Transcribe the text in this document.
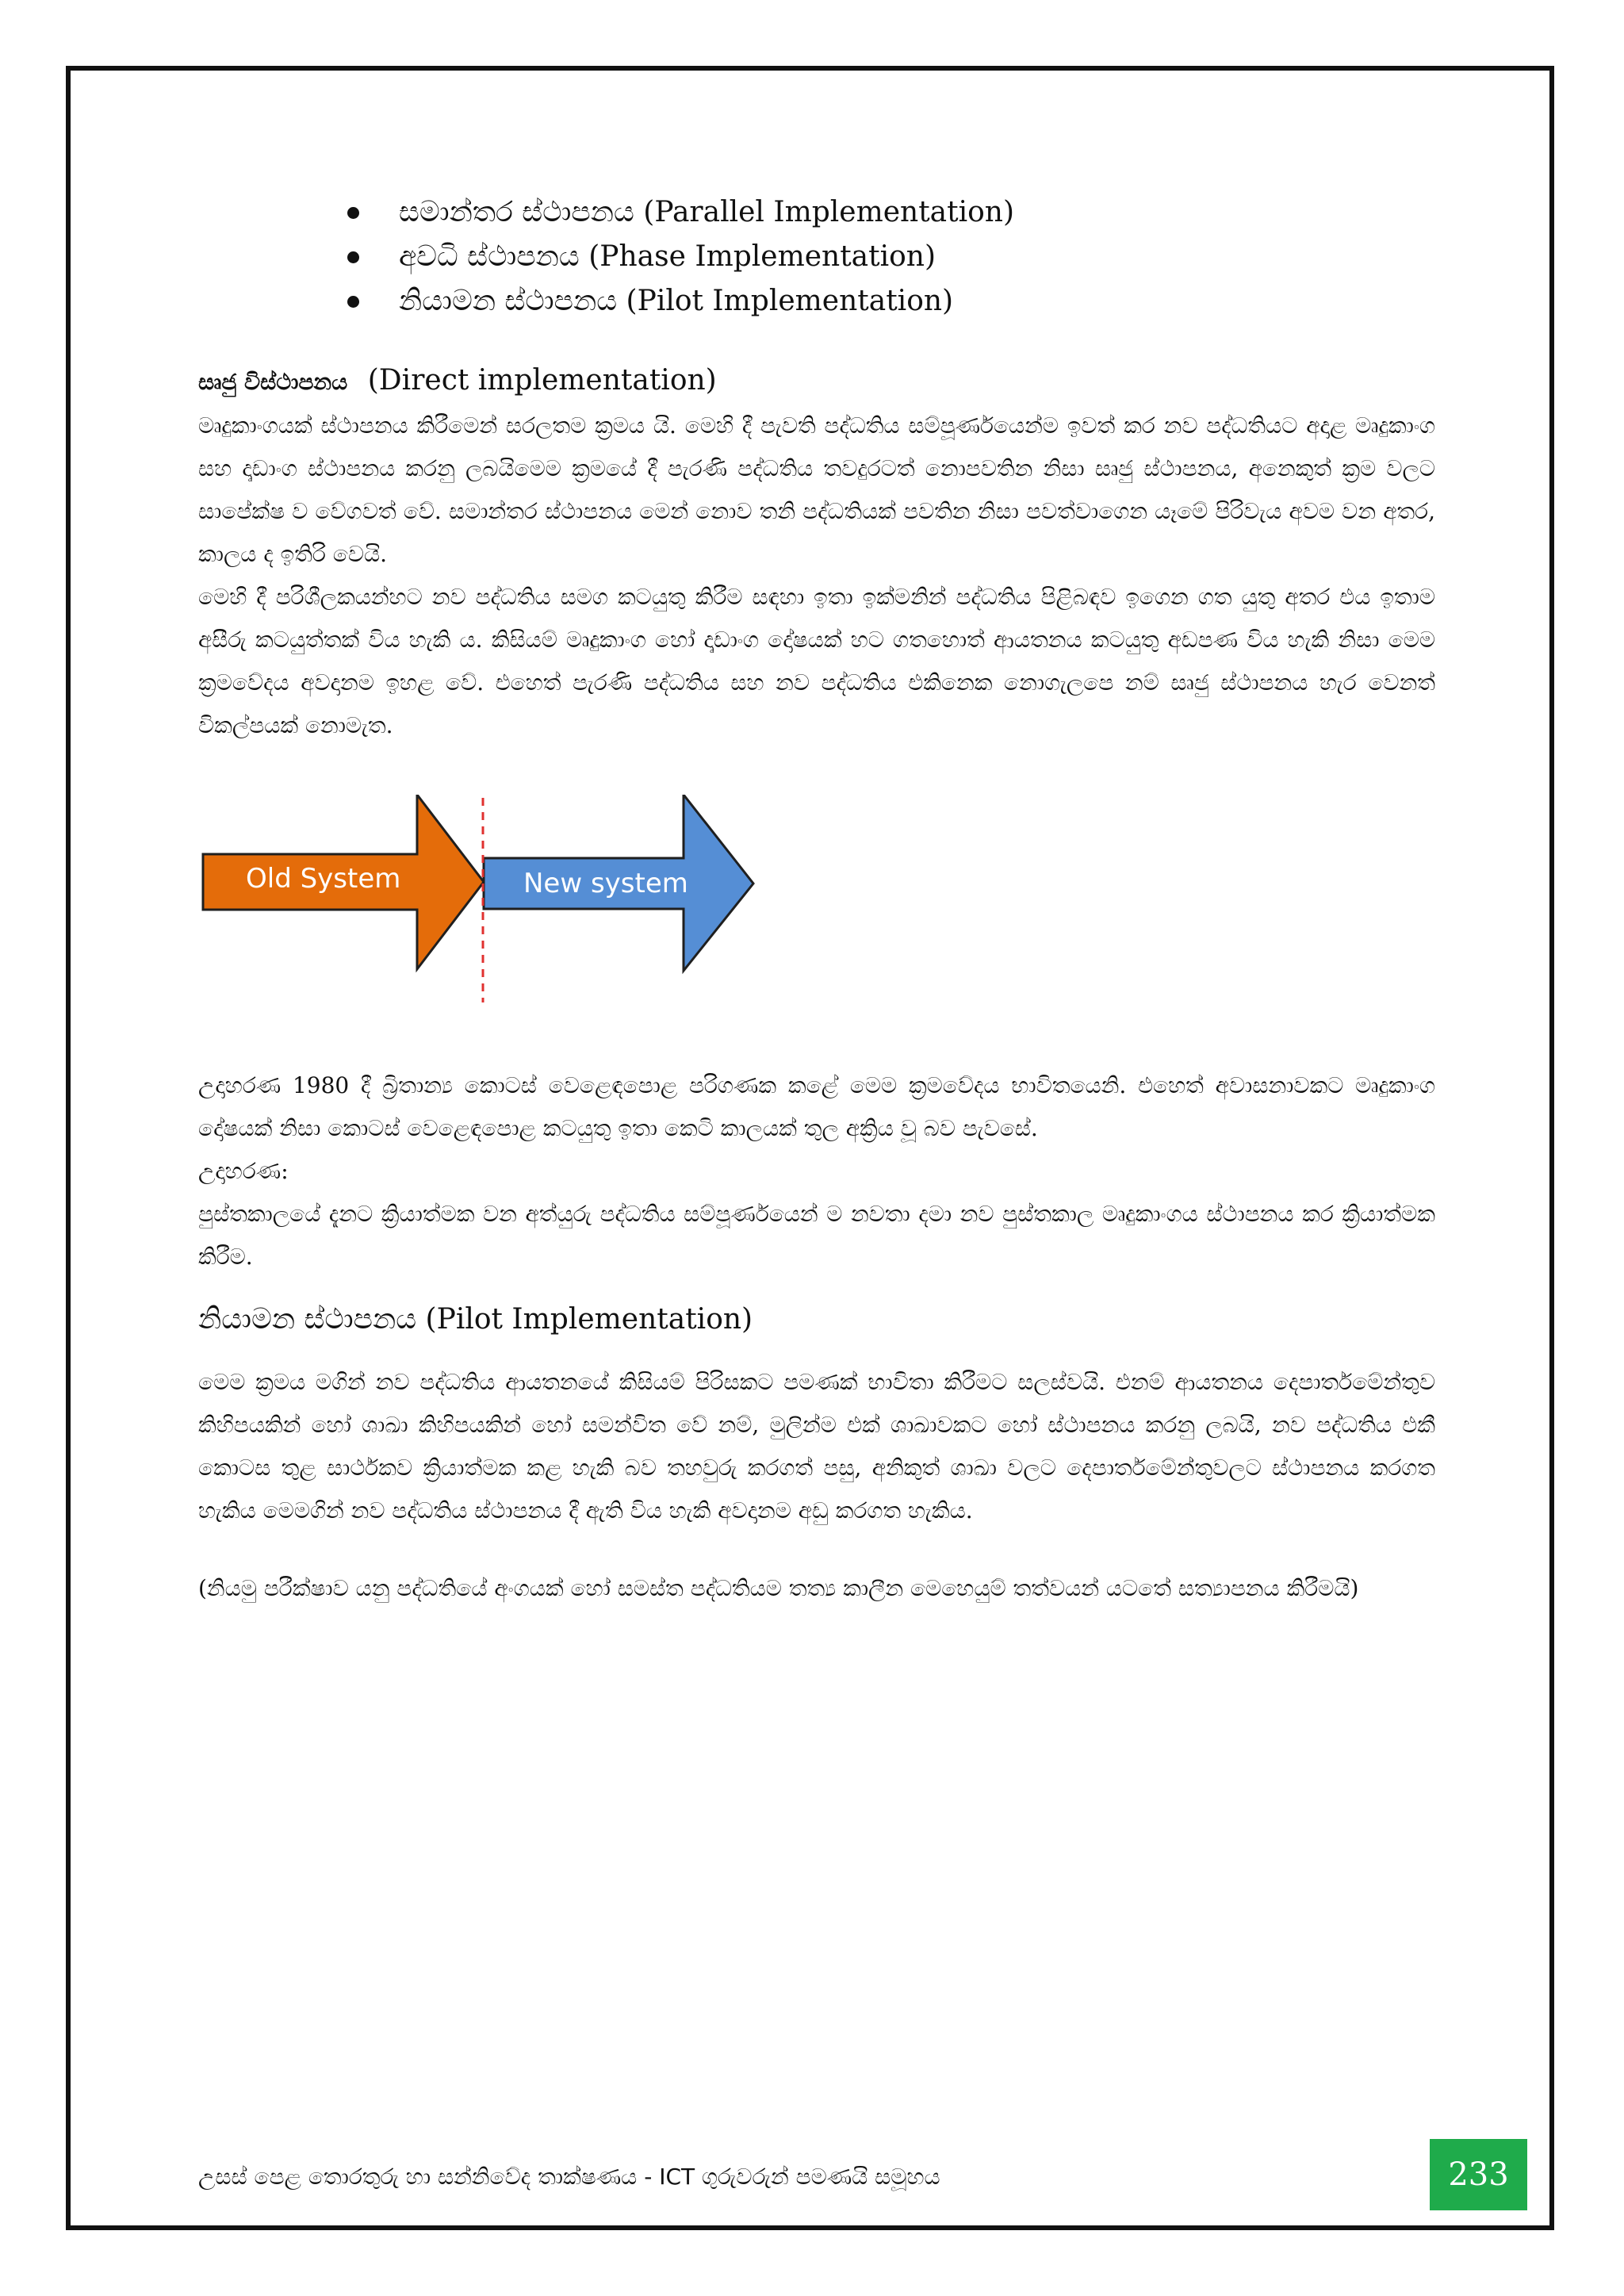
සමාන්තර ස්ථාපනය (Parallel Implementation)
අවධි ස්ථාපනය (Phase Implementation)
නියාමන ස්ථාපනය (Pilot Implementation)

සෘජු විස්ථාපනය (Direct implementation)

මෘදුකාංගයක් ස්ථාපනය කිරීමෙන් සරලතම ක්‍රමය යි. මෙහි දී පැවති පද්ධතිය සම්පූර්ණයෙන්ම ඉවත් කර නව පද්ධතියට අදාළ මෘදුකාංග සහ දෘඩාංග ස්ථාපනය කරනු ලබයිමෙම ක්‍රමයේ දී පැරණි පද්ධතිය තවදුරටත් නොපවතින නිසා සෘජු ස්ථාපනය, අනෙකුත් ක්‍රම වලට සාපේක්ෂ ව වේගවත් වේ. සමාන්තර ස්ථාපනය මෙන් නොව තනි පද්ධතියක් පවතින නිසා පවත්වාගෙන යෑමේ පිරිවැය අවම වන අතර, කාලය ද ඉතිරි වෙයි.

මෙහි දී පරිශීලකයන්හට නව පද්ධතිය සමග කටයුතු කිරීම සඳහා ඉතා ඉක්මනින් පද්ධතිය පිළිබඳව ඉගෙන ගත යුතු අතර එය ඉතාම අසීරු කටයුත්තක් විය හැකි ය. කිසියම් මෘදුකාංග හෝ දෘඩාංග දෝෂයක් හට ගතහොත් ආයතනය කටයුතු අඩපණ විය හැකි නිසා මෙම ක්‍රමවේදය අවදානම ඉහළ වේ. එහෙත් පැරණි පද්ධතිය සහ නව පද්ධතිය එකිනෙක නොගැලපෙ නම් සෘජු ස්ථාපනය හැර වෙනත් විකල්පයක් නොමැත.

Old System	New system

උදාහරණ 1980 දී බ්‍රිතාන්‍ය කොටස් වෙළෙඳපොළ පරිගණක කළේ මෙම ක්‍රමවේදය භාවිතයෙනි. එහෙත් අවාසනාවකට මෘදුකාංග දෝෂයක් නිසා කොටස් වෙළෙඳපොළ කටයුතු ඉතා කෙටි කාලයක් තුල අක්‍රිය වූ බව පැවසේ.

උදාහරණ:

පුස්තකාලයේ දැනට ක්‍රියාත්මක වන අත්යුරු පද්ධතිය සම්පූර්ණයෙන් ම නවතා දමා නව පුස්තකාල මෘදුකාංගය ස්ථාපනය කර ක්‍රියාත්මක කිරීම.

නියාමන ස්ථාපනය (Pilot Implementation)

මෙම ක්‍රමය මගින් නව පද්ධතිය ආයතනයේ කිසියම් පිරිසකට පමණක් භාවිතා කිරීමට සලස්වයි. එනම් ආයතනය දෙපාර්තමේන්තුව කිහිපයකින් හෝ ශාඛා කිහිපයකින් හෝ සමන්විත වේ නම්, මුලින්ම එක් ශාඛාවකට හෝ ස්ථාපනය කරනු ලබයි, නව පද්ධතිය එකී කොටස තුළ සාර්ථකව ක්‍රියාත්මක කළ හැකි බව තහවුරු කරගත් පසු, අනිකුත් ශාඛා වලට දෙපාර්තමේන්තුවලට ස්ථාපනය කරගත හැකිය මෙමගින් නව පද්ධතිය ස්ථාපනය දී ඇති විය හැකි අවදානම අඩු කරගත හැකිය.

(නියමු පරීක්ෂාව යනු පද්ධතියේ අංගයක් හෝ සමස්ත පද්ධතියම තත්‍ය කාලීන මෙහෙයුම් තත්වයන් යටතේ සත්‍යාපනය කිරීමයි)

උසස් පෙළ තොරතුරු හා සන්නිවේද තාක්ෂණය - ICT ගුරුවරුන් පමණයි සමූහය	233
